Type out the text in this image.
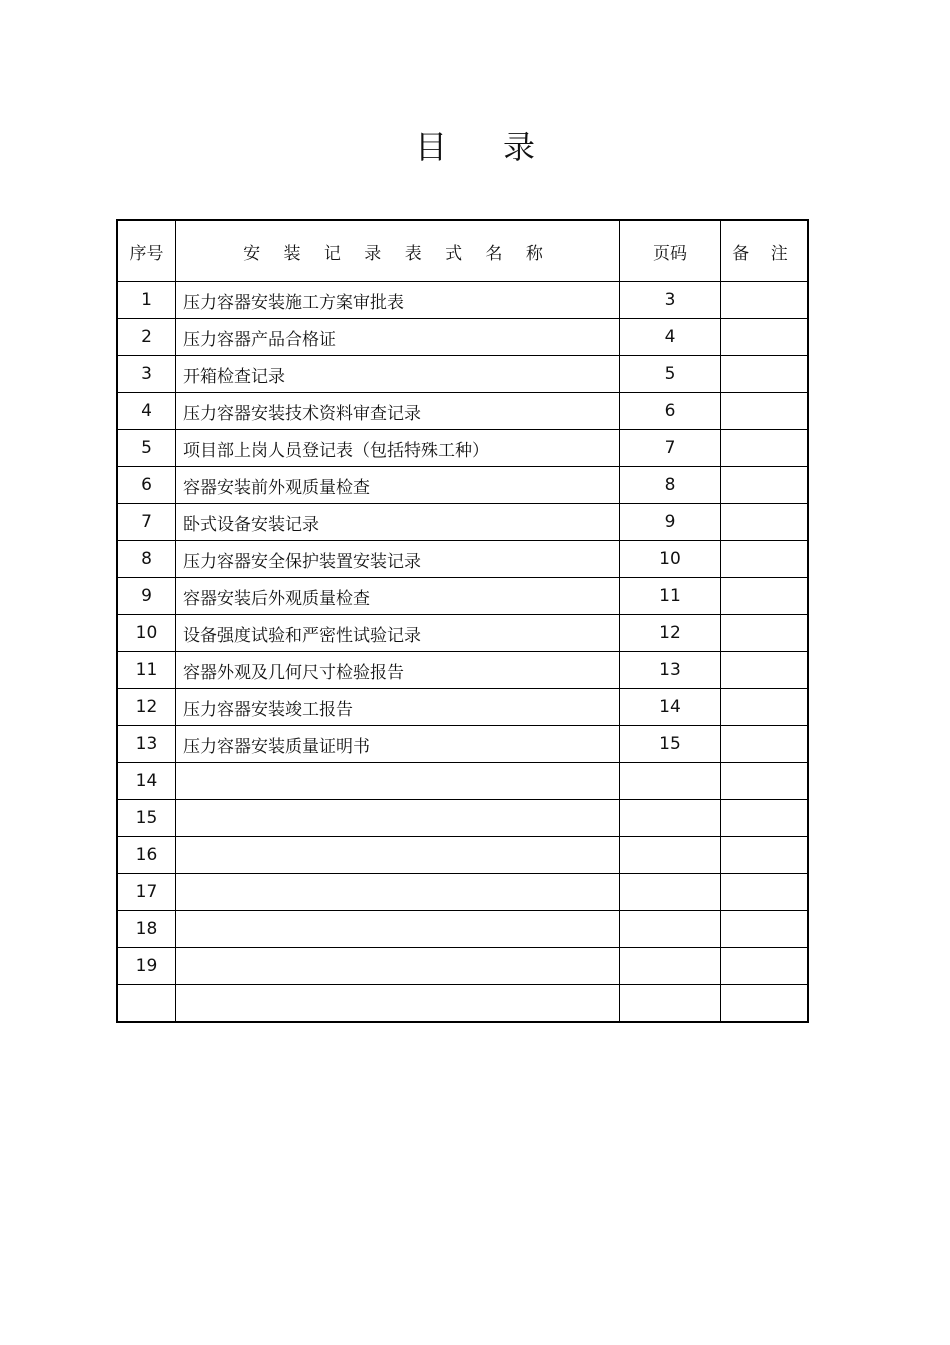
目 录
序号	安 装 记 录 表 式 名 称	页码	备 注
1	压力容器安装施工方案审批表	3	
2	压力容器产品合格证	4	
3	开箱检查记录	5	
4	压力容器安装技术资料审查记录	6	
5	项目部上岗人员登记表（包括特殊工种）	7	
6	容器安装前外观质量检查	8	
7	卧式设备安装记录	9	
8	压力容器安全保护装置安装记录	10	
9	容器安装后外观质量检查	11	
10	设备强度试验和严密性试验记录	12	
11	容器外观及几何尺寸检验报告	13	
12	压力容器安装竣工报告	14	
13	压力容器安装质量证明书	15	
14			
15			
16			
17			
18			
19			
